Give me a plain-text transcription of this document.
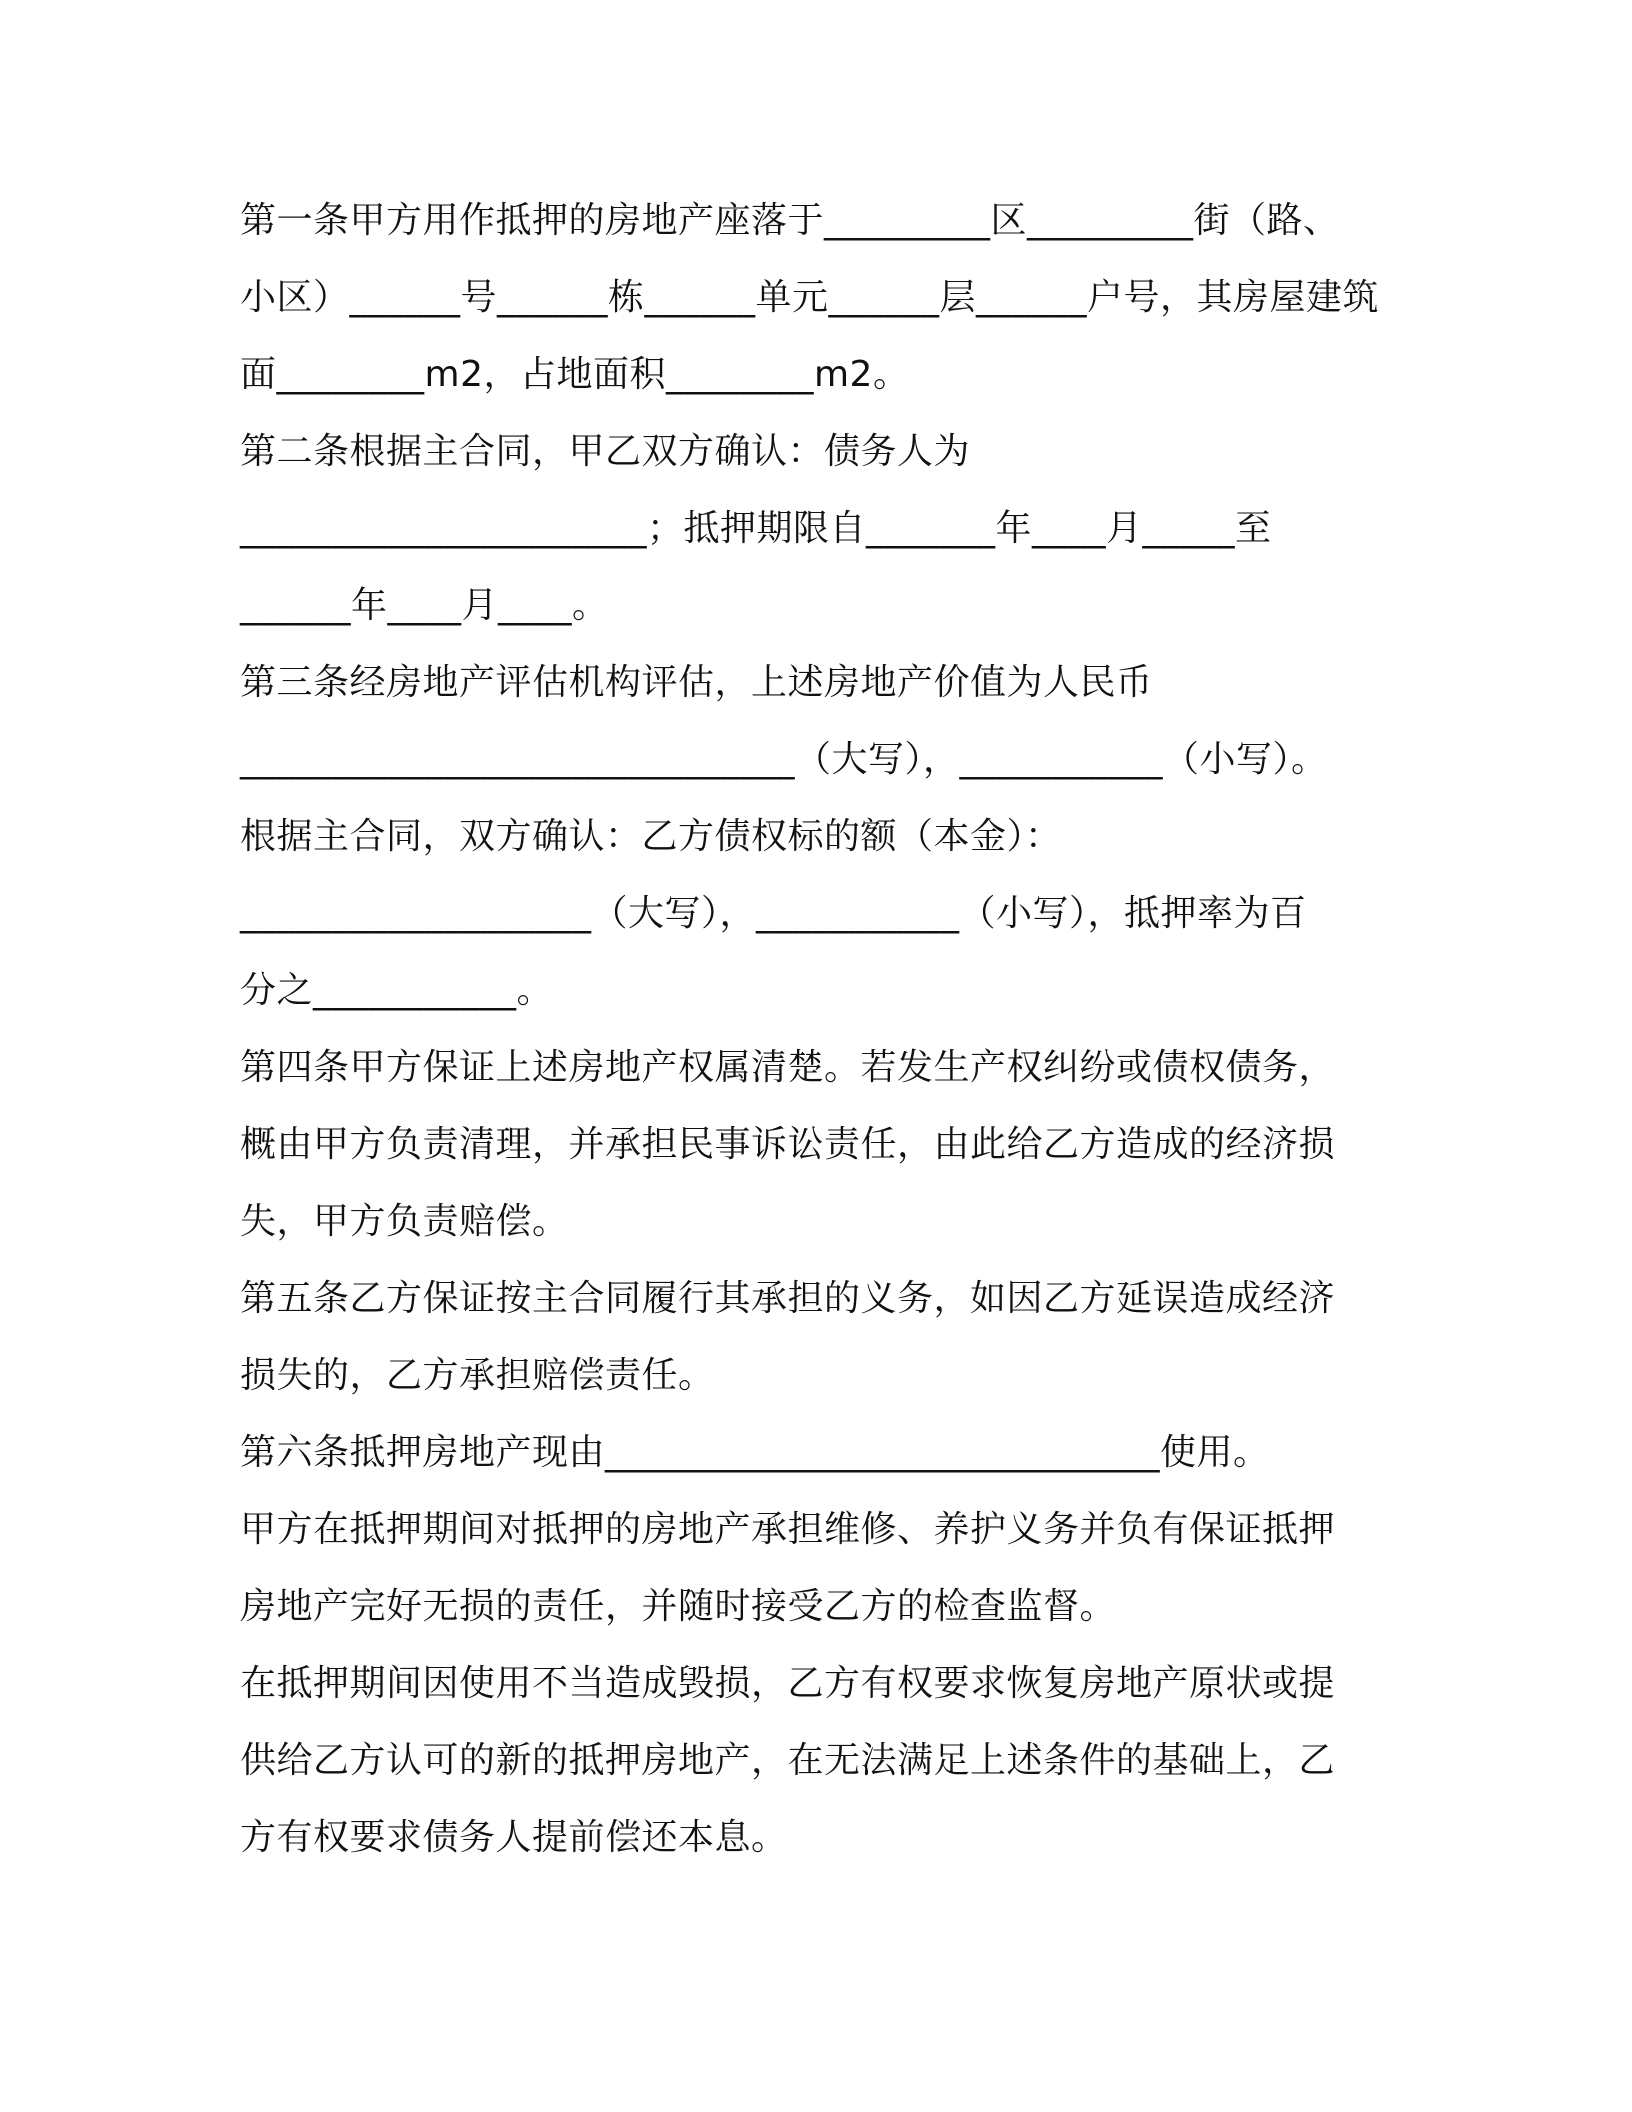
第一条甲方用作抵押的房地产座落于_________区_________街（路、
小区）______号______栋______单元______层______户号，其房屋建筑
面________m2，占地面积________m2。
第二条根据主合同，甲乙双方确认：债务人为
______________________；抵押期限自_______年____月_____至
______年____月____。
第三条经房地产评估机构评估，上述房地产价值为人民币
______________________________（大写），___________（小写）。
根据主合同，双方确认：乙方债权标的额（本金）：
___________________（大写），___________（小写），抵押率为百
分之___________。
第四条甲方保证上述房地产权属清楚。若发生产权纠纷或债权债务，
概由甲方负责清理，并承担民事诉讼责任，由此给乙方造成的经济损
失，甲方负责赔偿。
第五条乙方保证按主合同履行其承担的义务，如因乙方延误造成经济
损失的，乙方承担赔偿责任。
第六条抵押房地产现由______________________________使用。
甲方在抵押期间对抵押的房地产承担维修、养护义务并负有保证抵押
房地产完好无损的责任，并随时接受乙方的检查监督。
在抵押期间因使用不当造成毁损，乙方有权要求恢复房地产原状或提
供给乙方认可的新的抵押房地产，在无法满足上述条件的基础上，乙
方有权要求债务人提前偿还本息。
